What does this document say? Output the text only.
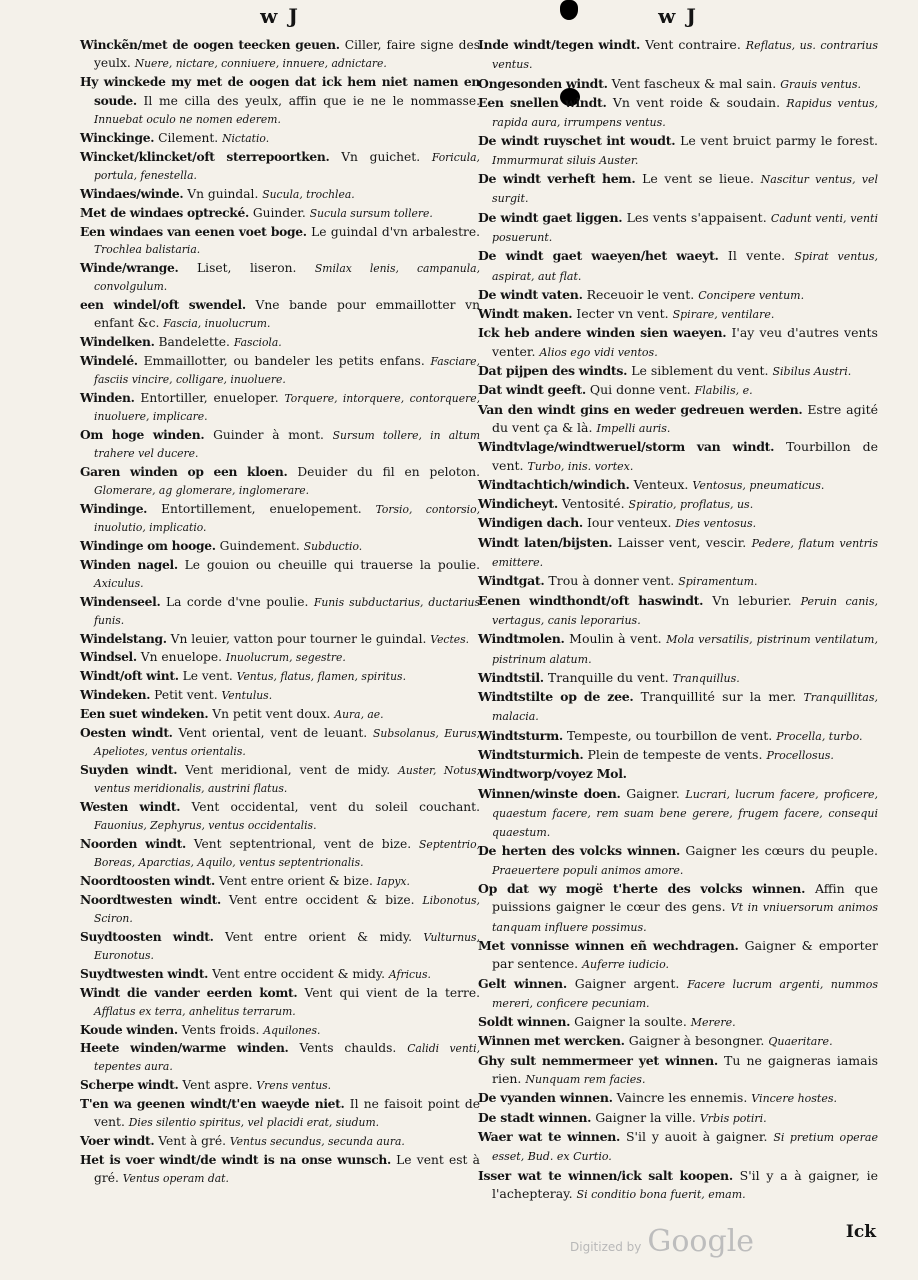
w J

Winckẽn/met de oogen teecken geuen. Ciller, faire signe des yeulx. Nuere, nictare, conniuere, innuere, adnictare.

Hy winckede my met de oogen dat ick hem niet namen en soude. Il me cilla des yeulx, affin que ie ne le nommasse. Innuebat oculo ne nomen ederem.

Winckinge. Cilement. Nictatio.

Wincket/klincket/oft sterrepoortken. Vn guichet. Foricula, portula, fenestella.

Windaes/winde. Vn guindal. Sucula, trochlea.

Met de windaes optrecké. Guinder. Sucula sursum tollere.

Een windaes van eenen voet boge. Le guindal d'vn arbalestre. Trochlea balistaria.

Winde/wrange. Liset, liseron. Smilax lenis, campanula, convolgulum.

een windel/oft swendel. Vne bande pour emmaillotter vn enfant &c. Fascia, inuolucrum.

Windelken. Bandelette. Fasciola.

Windelé. Emmaillotter, ou bandeler les petits enfans. Fasciare, fasciis vincire, colligare, inuoluere.

Winden. Entortiller, enueloper. Torquere, intorquere, contorquere, inuoluere, implicare.

Om hoge winden. Guinder à mont. Sursum tollere, in altum trahere vel ducere.

Garen winden op een kloen. Deuider du fil en peloton. Glomerare, ag glomerare, inglomerare.

Windinge. Entortillement, enuelopement. Torsio, contorsio, inuolutio, implicatio.

Windinge om hooge. Guindement. Subductio.

Winden nagel. Le gouion ou cheuille qui trauerse la poulie. Axiculus.

Windenseel. La corde d'vne poulie. Funis subductarius, ductarius funis.

Windelstang. Vn leuier, vatton pour tourner le guindal. Vectes.

Windsel. Vn enuelope. Inuolucrum, segestre.

Windt/oft wint. Le vent. Ventus, flatus, flamen, spiritus.

Windeken. Petit vent. Ventulus.

Een suet windeken. Vn petit vent doux. Aura, ae.

Oesten windt. Vent oriental, vent de leuant. Subsolanus, Eurus, Apeliotes, ventus orientalis.

Suyden windt. Vent meridional, vent de midy. Auster, Notus, ventus meridionalis, austrini flatus.

Westen windt. Vent occidental, vent du soleil couchant. Fauonius, Zephyrus, ventus occidentalis.

Noorden windt. Vent septentrional, vent de bize. Septentrio, Boreas, Aparctias, Aquilo, ventus septentrionalis.

Noordtoosten windt. Vent entre orient & bize. Iapyx.

Noordtwesten windt. Vent entre occident & bize. Libonotus, Sciron.

Suydtoosten windt. Vent entre orient & midy. Vulturnus, Euronotus.

Suydtwesten windt. Vent entre occident & midy. Africus.

Windt die vander eerden komt. Vent qui vient de la terre. Afflatus ex terra, anhelitus terrarum.

Koude winden. Vents froids. Aquilones.

Heete winden/warme winden. Vents chaulds. Calidi venti, tepentes aura.

Scherpe windt. Vent aspre. Vrens ventus.

T'en wa geenen windt/t'en waeyde niet. Il ne faisoit point de vent. Dies silentio spiritus, vel placidi erat, siudum.

Voer windt. Vent à gré. Ventus secundus, secunda aura.

Het is voer windt/de windt is na onse wunsch. Le vent est à gré. Ventus operam dat.

w J

Inde windt/tegen windt. Vent contraire. Reflatus, us. contrarius ventus.

Ongesonden windt. Vent fascheux & mal sain. Grauis ventus.

Een snellen windt. Vn vent roide & soudain. Rapidus ventus, rapida aura, irrumpens ventus.

De windt ruyschet int woudt. Le vent bruict parmy le forest. Immurmurat siluis Auster.

De windt verheft hem. Le vent se lieue. Nascitur ventus, vel surgit.

De windt gaet liggen. Les vents s'appaisent. Cadunt venti, venti posuerunt.

De windt gaet waeyen/het waeyt. Il vente. Spirat ventus, aspirat, aut flat.

De windt vaten. Receuoir le vent. Concipere ventum.

Windt maken. Iecter vn vent. Spirare, ventilare.

Ick heb andere winden sien waeyen. I'ay veu d'autres vents venter. Alios ego vidi ventos.

Dat pijpen des windts. Le siblement du vent. Sibilus Austri.

Dat windt geeft. Qui donne vent. Flabilis, e.

Van den windt gins en weder gedreuen werden. Estre agité du vent ça & là. Impelli auris.

Windtvlage/windtweruel/storm van windt. Tourbillon de vent. Turbo, inis. vortex.

Windtachtich/windich. Venteux. Ventosus, pneumaticus.

Windicheyt. Ventosité. Spiratio, proflatus, us.

Windigen dach. Iour venteux. Dies ventosus.

Windt laten/bijsten. Laisser vent, vescir. Pedere, flatum ventris emittere.

Windtgat. Trou à donner vent. Spiramentum.

Eenen windthondt/oft haswindt. Vn leburier. Peruin canis, vertagus, canis leporarius.

Windtmolen. Moulin à vent. Mola versatilis, pistrinum ventilatum, pistrinum alatum.

Windtstil. Tranquille du vent. Tranquillus.

Windtstilte op de zee. Tranquillité sur la mer. Tranquillitas, malacia.

Windtsturm. Tempeste, ou tourbillon de vent. Procella, turbo.

Windtsturmich. Plein de tempeste de vents. Procellosus.

Windtworp/voyez Mol.

Winnen/winste doen. Gaigner. Lucrari, lucrum facere, proficere, quaestum facere, rem suam bene gerere, frugem facere, consequi quaestum.

De herten des volcks winnen. Gaigner les cœurs du peuple. Praeuertere populi animos amore.

Op dat wy mogë t'herte des volcks winnen. Affin que puissions gaigner le cœur des gens. Vt in vniuersorum animos tanquam influere possimus.

Met vonnisse winnen eñ wechdragen. Gaigner & emporter par sentence. Auferre iudicio.

Gelt winnen. Gaigner argent. Facere lucrum argenti, nummos mereri, conficere pecuniam.

Soldt winnen. Gaigner la soulte. Merere.

Winnen met wercken. Gaigner à besongner. Quaeritare.

Ghy sult nemmermeer yet winnen. Tu ne gaigneras iamais rien. Nunquam rem facies.

De vyanden winnen. Vaincre les ennemis. Vincere hostes.

De stadt winnen. Gaigner la ville. Vrbis potiri.

Waer wat te winnen. S'il y auoit à gaigner. Si pretium operae esset, Bud. ex Curtio.

Isser wat te winnen/ick salt koopen. S'il y a à gaigner, ie l'achepteray. Si conditio bona fuerit, emam.

Ick
Digitized by Google
